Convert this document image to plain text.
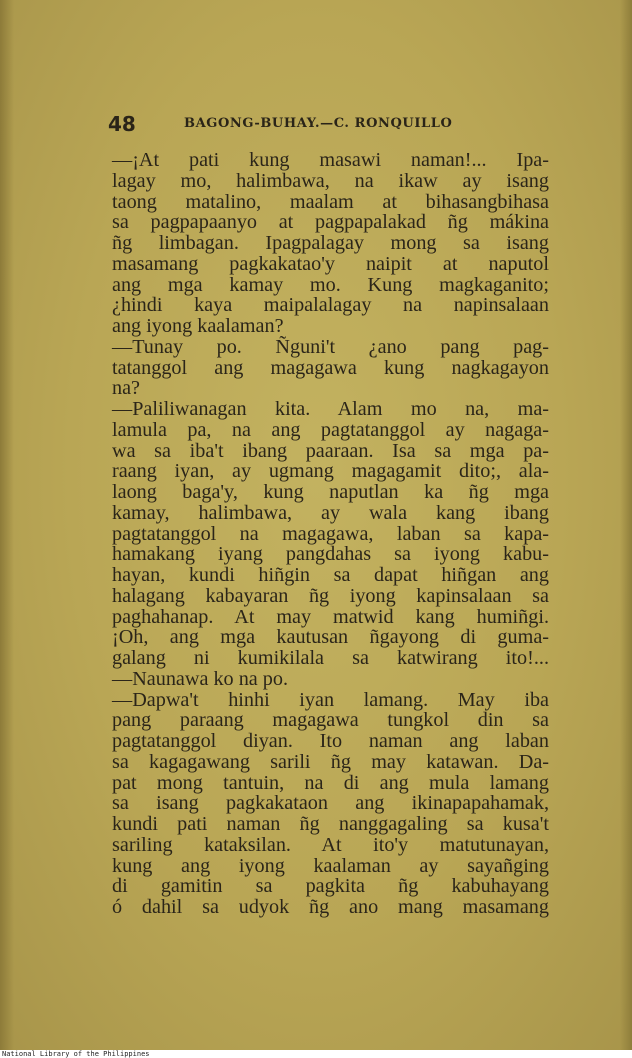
48	BAGONG-BUHAY.—C. RONQUILLO
—¡At pati kung masawi naman!... Ipa-
lagay mo, halimbawa, na ikaw ay isang
taong matalino, maalam at bihasangbihasa
sa pagpapaanyo at pagpapalakad ñg mákina
ñg limbagan. Ipagpalagay mong sa isang
masamang pagkakatao'y naipit at naputol
ang mga kamay mo. Kung magkaganito;
¿hindi kaya maipalalagay na napinsalaan
ang iyong kaalaman?
—Tunay po. Ñguni't ¿ano pang pag-
tatanggol ang magagawa kung nagkagayon
na?
—Paliliwanagan kita. Alam mo na, ma-
lamula pa, na ang pagtatanggol ay nagaga-
wa sa iba't ibang paaraan. Isa sa mga pa-
raang iyan, ay ugmang magagamit dito;, ala-
laong baga'y, kung naputlan ka ñg mga
kamay, halimbawa, ay wala kang ibang
pagtatanggol na magagawa, laban sa kapa-
hamakang iyang pangdahas sa iyong kabu-
hayan, kundi hiñgin sa dapat hiñgan ang
halagang kabayaran ñg iyong kapinsalaan sa
paghahanap. At may matwid kang humiñgi.
¡Oh, ang mga kautusan ñgayong di guma-
galang ni kumikilala sa katwirang ito!...
—Naunawa ko na po.
—Dapwa't hinhi iyan lamang. May iba
pang paraang magagawa tungkol din sa
pagtatanggol diyan. Ito naman ang laban
sa kagagawang sarili ñg may katawan. Da-
pat mong tantuin, na di ang mula lamang
sa isang pagkakataon ang ikinapapahamak,
kundi pati naman ñg nanggagaling sa kusa't
sariling kataksilan. At ito'y matutunayan,
kung ang iyong kaalaman ay sayañging
di gamitin sa pagkita ñg kabuhayang
ó dahil sa udyok ñg ano mang masamang
National Library of the Philippines
